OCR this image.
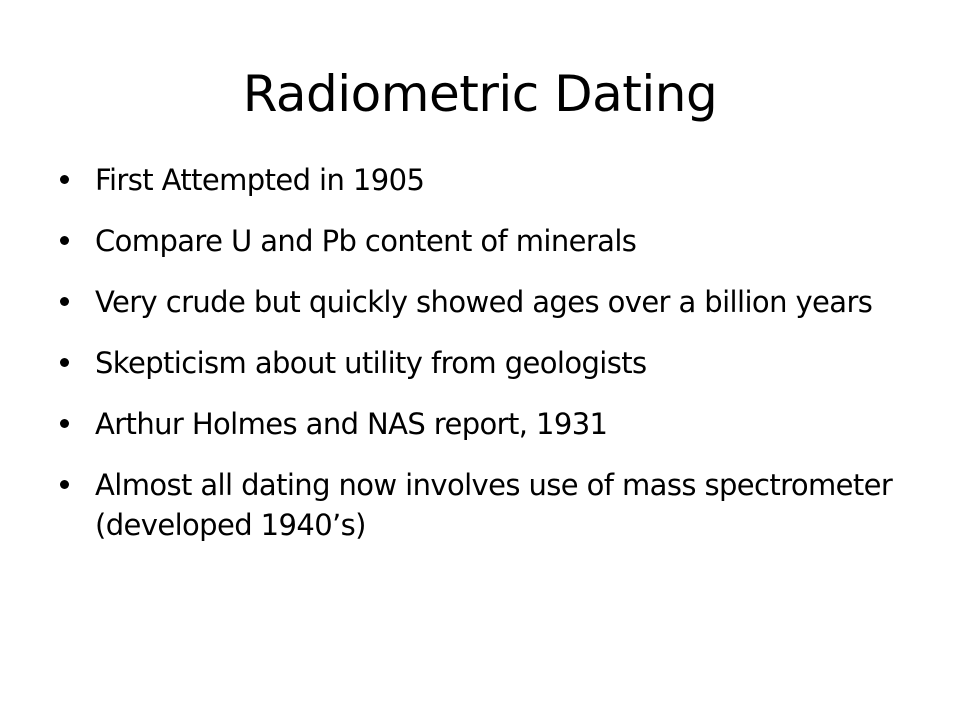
Radiometric Dating
First Attempted in 1905
Compare U and Pb content of minerals
Very crude but quickly showed ages over a billion years
Skepticism about utility from geologists
Arthur Holmes and NAS report, 1931
Almost all dating now involves use of mass spectrometer (developed 1940’s)
